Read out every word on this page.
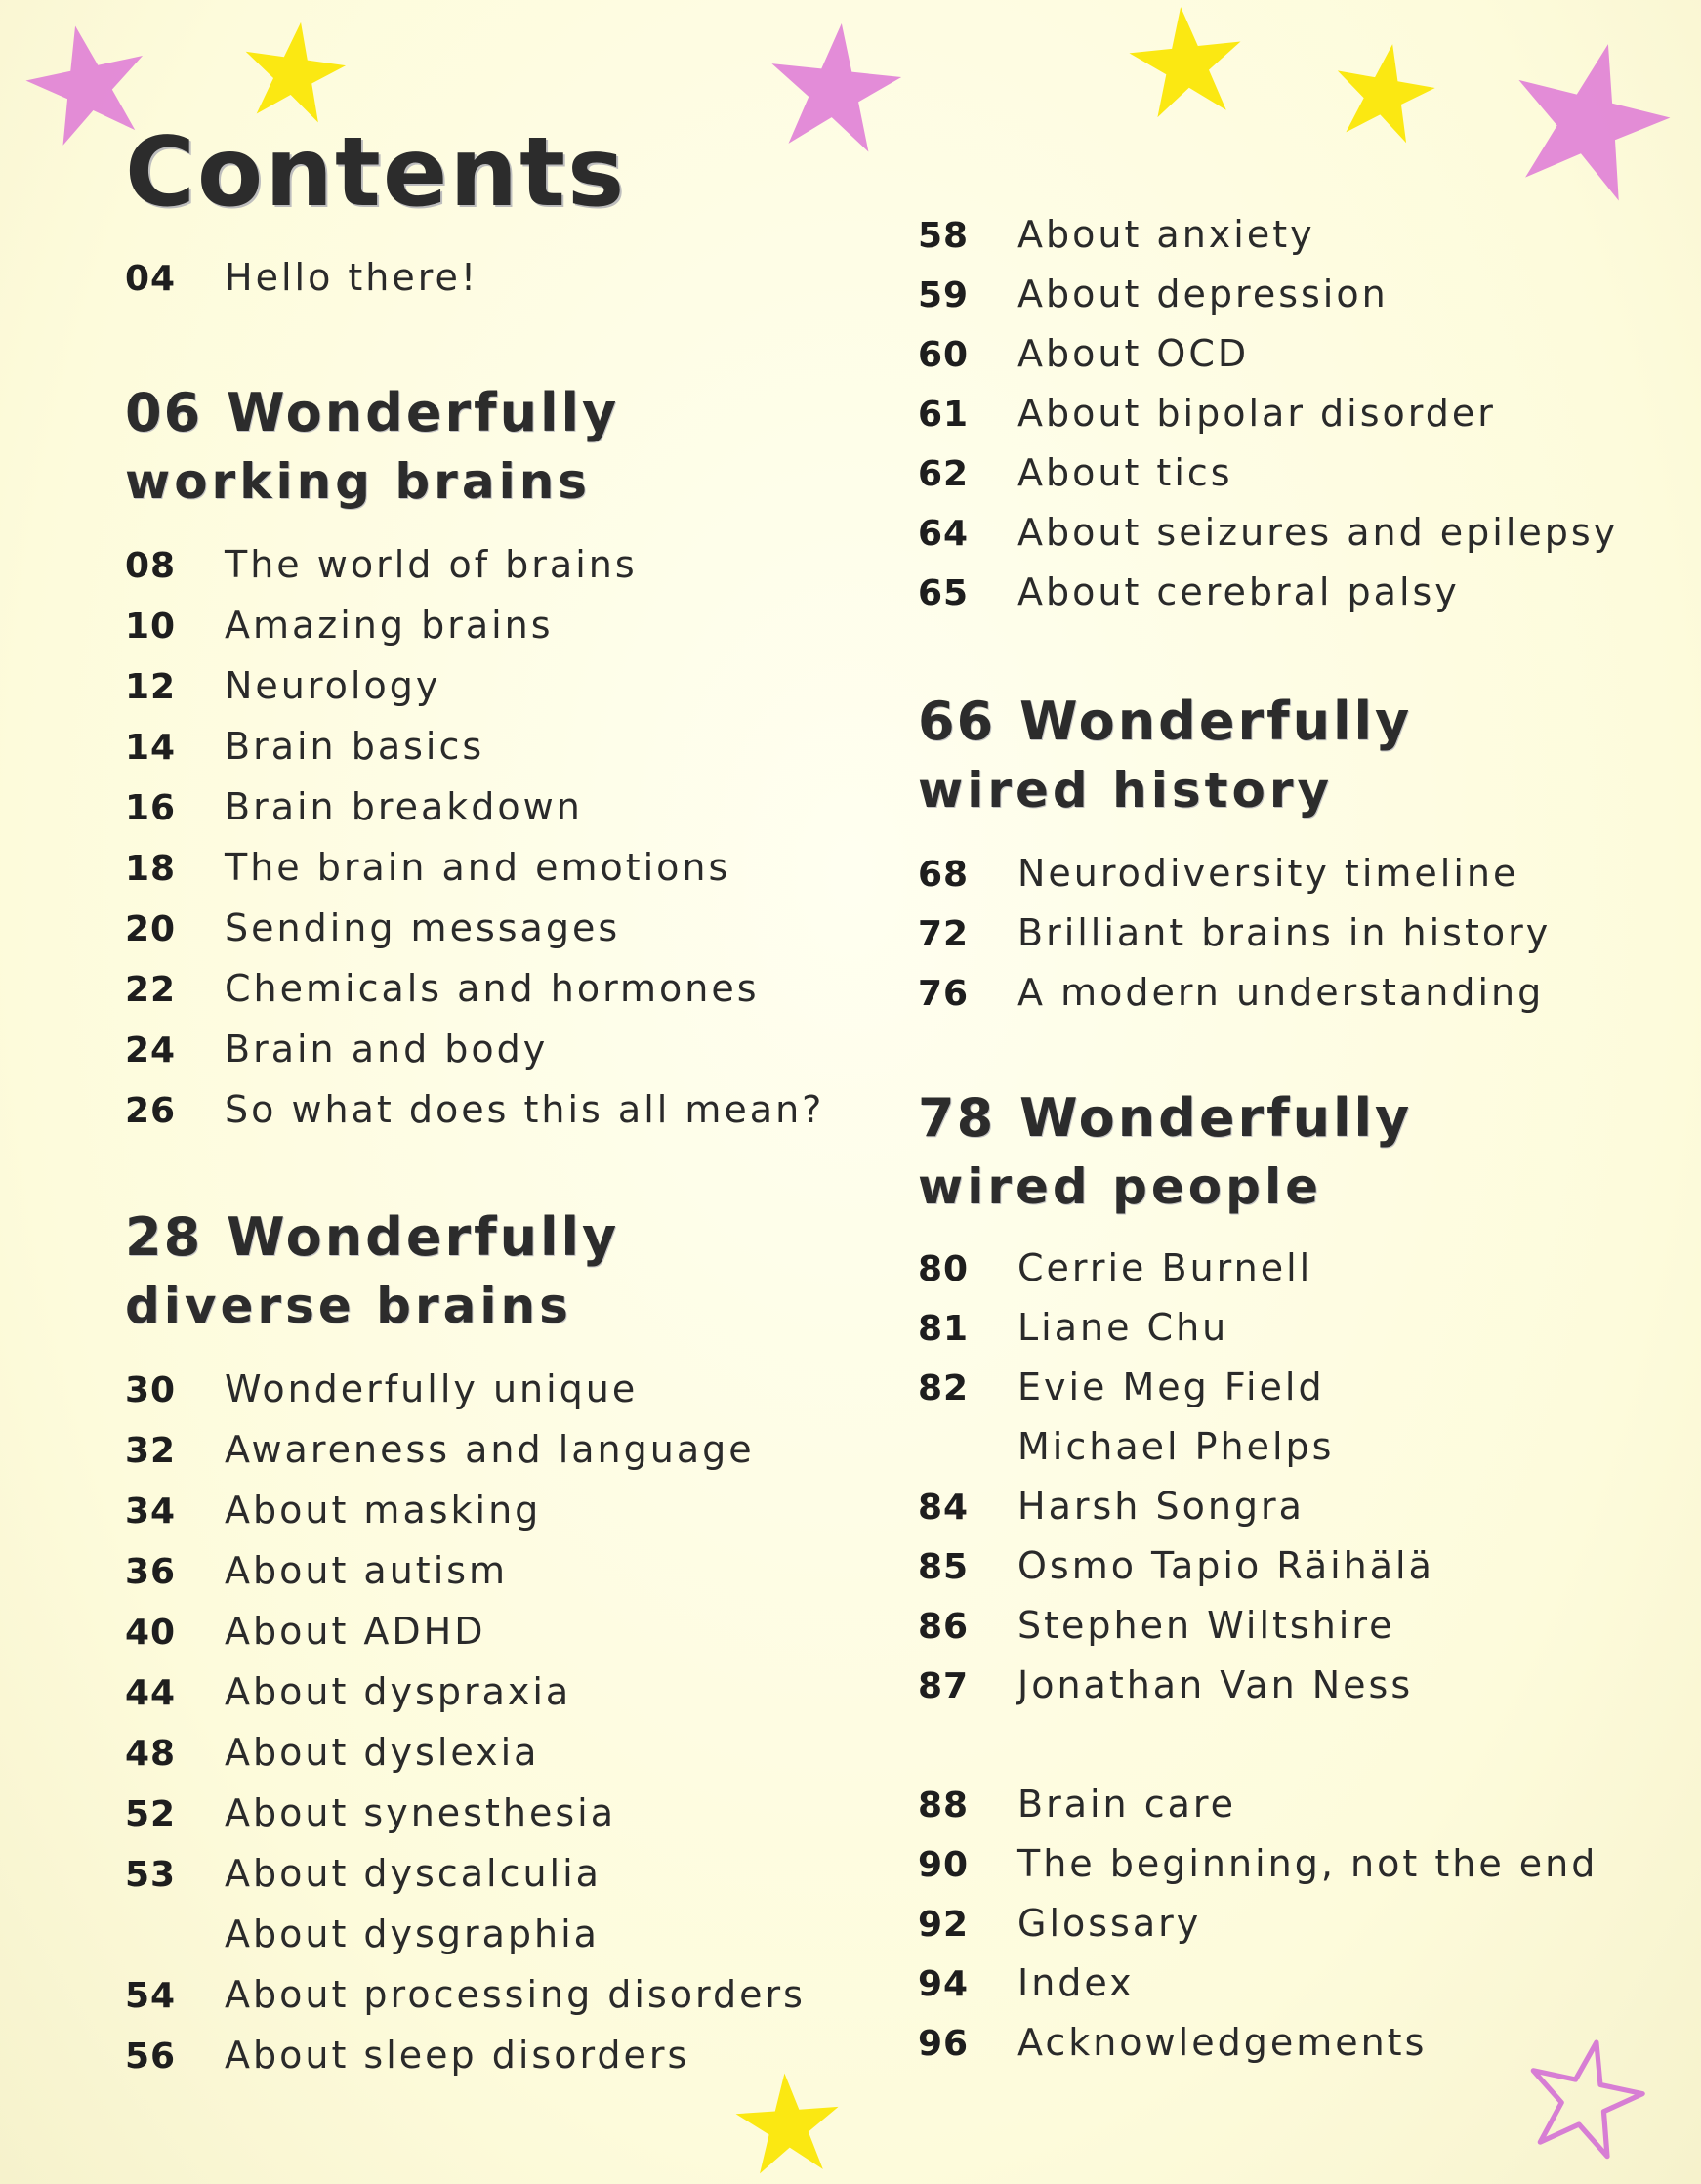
Contents
04	Hello there!
06 Wonderfully
working brains
08	The world of brains
10	Amazing brains
12	Neurology
14	Brain basics
16	Brain breakdown
18	The brain and emotions
20	Sending messages
22	Chemicals and hormones
24	Brain and body
26	So what does this all mean?
28 Wonderfully
diverse brains
30	Wonderfully unique
32	Awareness and language
34	About masking
36	About autism
40	About ADHD
44	About dyspraxia
48	About dyslexia
52	About synesthesia
53	About dyscalculia
About dysgraphia
54	About processing disorders
56	About sleep disorders
58	About anxiety
59	About depression
60	About OCD
61	About bipolar disorder
62	About tics
64	About seizures and epilepsy
65	About cerebral palsy
66 Wonderfully
wired history
68	Neurodiversity timeline
72	Brilliant brains in history
76	A modern understanding
78 Wonderfully
wired people
80	Cerrie Burnell
81	Liane Chu
82	Evie Meg Field
Michael Phelps
84	Harsh Songra
85	Osmo Tapio Räihälä
86	Stephen Wiltshire
87	Jonathan Van Ness
88	Brain care
90	The beginning, not the end
92	Glossary
94	Index
96	Acknowledgements
